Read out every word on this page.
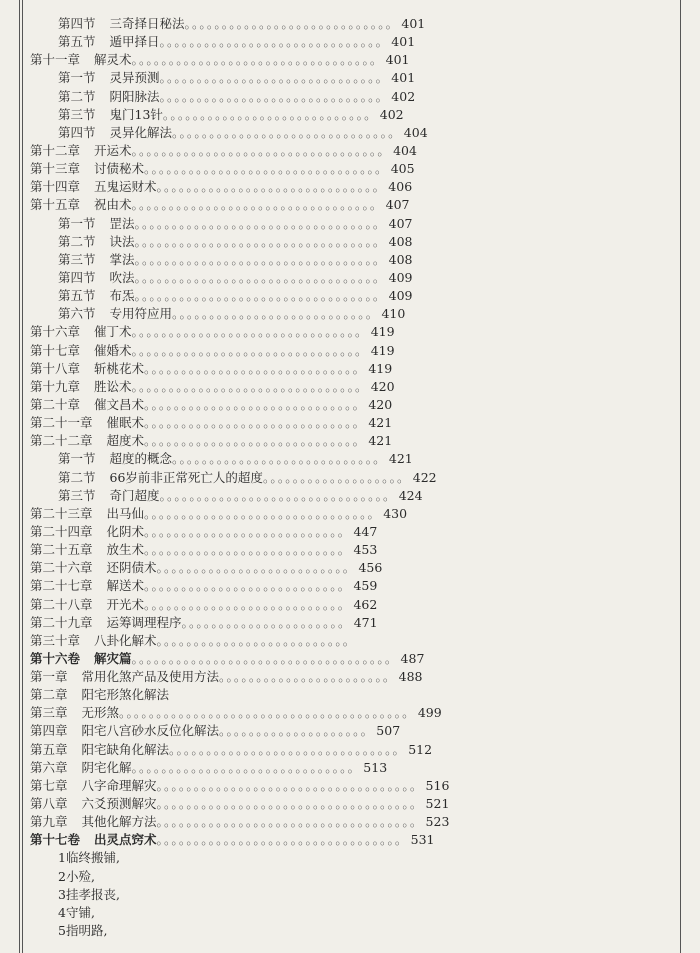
第四节 三奇择日秘法。。。。。。。。。。。。。。。。。。。。。。。。。。。。 401
第五节 遁甲择日。。。。。。。。。。。。。。。。。。。。。。。。。。。。。。 401
第十一章 解灵术。。。。。。。。。。。。。。。。。。。。。。。。。。。。。。。。。 401
第一节 灵异预测。。。。。。。。。。。。。。。。。。。。。。。。。。。。。。 401
第二节 阴阳脉法。。。。。。。。。。。。。。。。。。。。。。。。。。。。。。 402
第三节 鬼门13针。。。。。。。。。。。。。。。。。。。。。。。。。。。。 402
第四节 灵异化解法。。。。。。。。。。。。。。。。。。。。。。。。。。。。。。 404
第十二章 开运术。。。。。。。。。。。。。。。。。。。。。。。。。。。。。。。。。。 404
第十三章 讨债秘术。。。。。。。。。。。。。。。。。。。。。。。。。。。。。。。。 405
第十四章 五鬼运财术。。。。。。。。。。。。。。。。。。。。。。。。。。。。。。 406
第十五章 祝由术。。。。。。。。。。。。。。。。。。。。。。。。。。。。。。。。。 407
第一节 罡法。。。。。。。。。。。。。。。。。。。。。。。。。。。。。。。。。 407
第二节 诀法。。。。。。。。。。。。。。。。。。。。。。。。。。。。。。。。。 408
第三节 掌法。。。。。。。。。。。。。。。。。。。。。。。。。。。。。。。。。 408
第四节 吹法。。。。。。。。。。。。。。。。。。。。。。。。。。。。。。。。。 409
第五节 布炁。。。。。。。。。。。。。。。。。。。。。。。。。。。。。。。。。 409
第六节 专用符应用。。。。。。。。。。。。。。。。。。。。。。。。。。。 410
第十六章 催丁术。。。。。。。。。。。。。。。。。。。。。。。。。。。。。。。 419
第十七章 催婚术。。。。。。。。。。。。。。。。。。。。。。。。。。。。。。。 419
第十八章 斩桃花术。。。。。。。。。。。。。。。。。。。。。。。。。。。。。 419
第十九章 胜讼术。。。。。。。。。。。。。。。。。。。。。。。。。。。。。。。 420
第二十章 催文昌术。。。。。。。。。。。。。。。。。。。。。。。。。。。。。 420
第二十一章 催眠术。。。。。。。。。。。。。。。。。。。。。。。。。。。。。 421
第二十二章 超度术。。。。。。。。。。。。。。。。。。。。。。。。。。。。。 421
第一节 超度的概念。。。。。。。。。。。。。。。。。。。。。。。。。。。。 421
第二节 66岁前非正常死亡人的超度。。。。。。。。。。。。。。。。。。。 422
第三节 奇门超度。。。。。。。。。。。。。。。。。。。。。。。。。。。。。。。 424
第二十三章 出马仙。。。。。。。。。。。。。。。。。。。。。。。。。。。。。。。 430
第二十四章 化阴术。。。。。。。。。。。。。。。。。。。。。。。。。。。 447
第二十五章 放生术。。。。。。。。。。。。。。。。。。。。。。。。。。。 453
第二十六章 还阴债术。。。。。。。。。。。。。。。。。。。。。。。。。。 456
第二十七章 解送术。。。。。。。。。。。。。。。。。。。。。。。。。。。 459
第二十八章 开光术。。。。。。。。。。。。。。。。。。。。。。。。。。。 462
第二十九章 运筹调理程序。。。。。。。。。。。。。。。。。。。。。。 471
第三十章 八卦化解术。。。。。。。。。。。。。。。。。。。。。。。。。。
第十六卷 解灾篇。。。。。。。。。。。。。。。。。。。。。。。。。。。。。。。。。。。 487
第一章 常用化煞产品及使用方法。。。。。。。。。。。。。。。。。。。。。。。 488
第二章 阳宅形煞化解法
第三章 无形煞。。。。。。。。。。。。。。。。。。。。。。。。。。。。。。。。。。。。。。。 499
第四章 阳宅八宫砂水反位化解法。。。。。。。。。。。。。。。。。。。。 507
第五章 阳宅缺角化解法。。。。。。。。。。。。。。。。。。。。。。。。。。。。。。。 512
第六章 阴宅化解。。。。。。。。。。。。。。。。。。。。。。。。。。。。。。 513
第七章 八字命理解灾。。。。。。。。。。。。。。。。。。。。。。。。。。。。。。。。。。。 516
第八章 六爻预测解灾。。。。。。。。。。。。。。。。。。。。。。。。。。。。。。。。。。。 521
第九章 其他化解方法。。。。。。。。。。。。。。。。。。。。。。。。。。。。。。。。。。。 523
第十七卷 出灵点窍术。。。。。。。。。。。。。。。。。。。。。。。。。。。。。。。。。 531
1临终搬铺,
2小殓,
3挂孝报丧,
4守铺,
5指明路,
